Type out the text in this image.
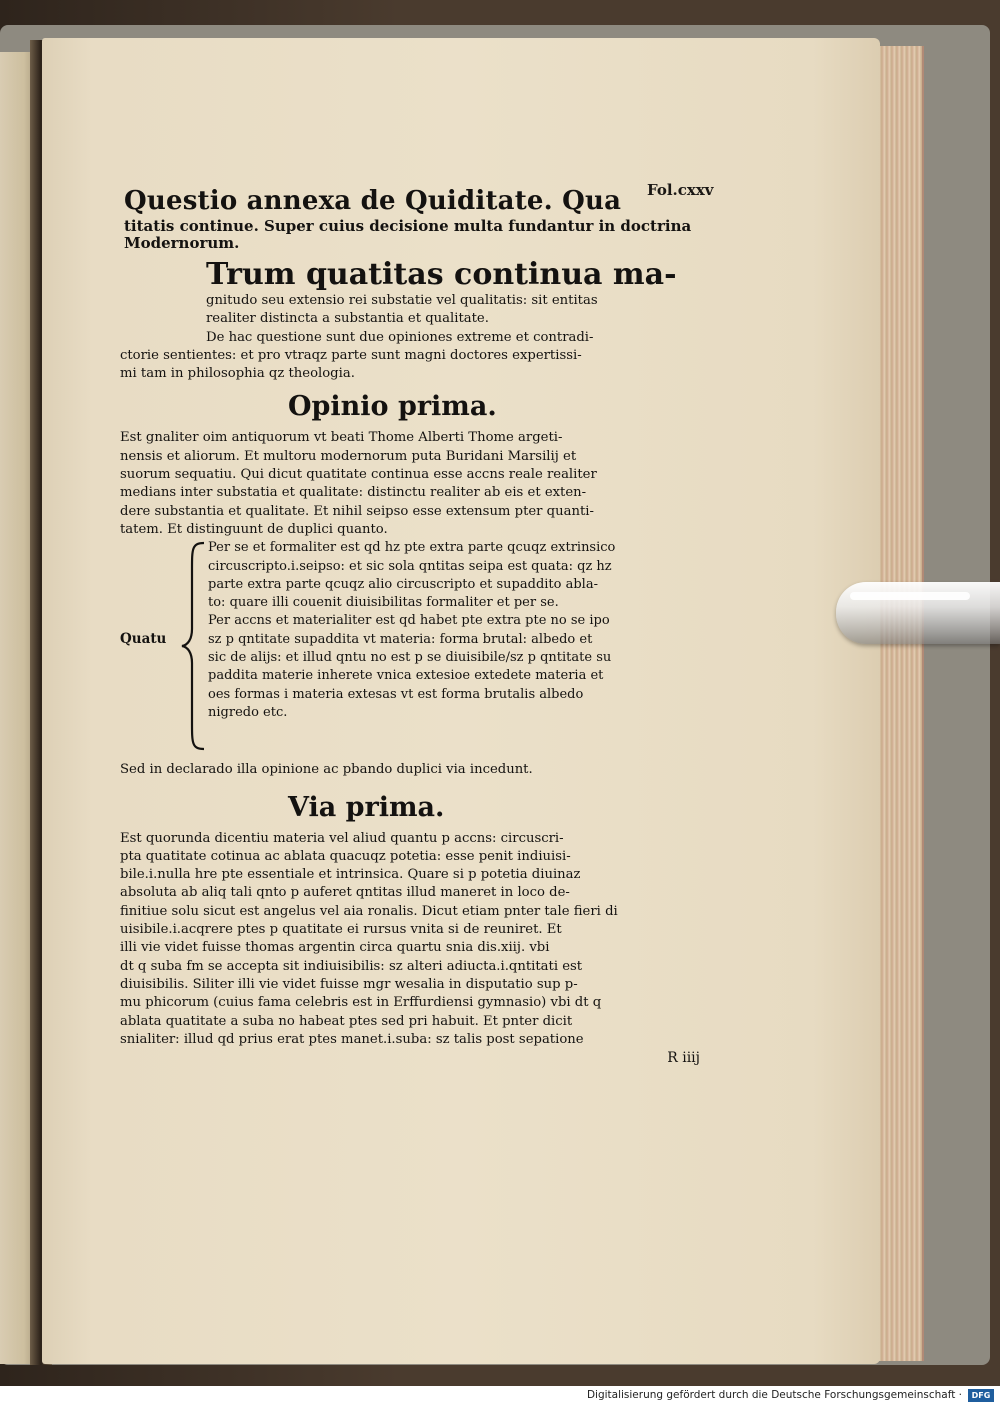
Fol.cxxv
Questio annexa de Quiditate. Qua
titatis continue. Super cuius decisione multa fundantur in doctrina
Modernorum.
Trum quatitas continua ma-

gnitudo seu extensio rei substatie vel qualitatis: sit entitas
realiter distincta a substantia et qualitate.

De hac questione sunt due opiniones extreme et contradi-

ctorie sentientes: et pro vtraqz parte sunt magni doctores expertissi-
mi tam in philosophia qz theologia.

Opinio prima.

Est gnaliter oim antiquorum vt beati Thome Alberti Thome argeti-
nensis et aliorum. Et multoru modernorum puta Buridani Marsilij et
suorum sequatiu. Qui dicut quatitate continua esse accns reale realiter
medians inter substatia et qualitate: distinctu realiter ab eis et exten-
dere substantia et qualitate. Et nihil seipso esse extensum pter quanti-
tatem. Et distinguunt de duplici quanto.

Quatu
Per se et formaliter est qd hz pte extra parte qcuqz extrinsico
circuscripto.i.seipso: et sic sola qntitas seipa est quata: qz hz
parte extra parte qcuqz alio circuscripto et supaddito abla-
to: quare illi couenit diuisibilitas formaliter et per se.
Per accns et materialiter est qd habet pte extra pte no se ipo
sz p qntitate supaddita vt materia: forma brutal: albedo et
sic de alijs: et illud qntu no est p se diuisibile/sz p qntitate su
paddita materie inherete vnica extesioe extedete materia et
oes formas i materia extesas vt est forma brutalis albedo
nigredo etc.

Sed in declarado illa opinione ac pbando duplici via incedunt.

Via prima.

Est quorunda dicentiu materia vel aliud quantu p accns: circuscri-
pta quatitate cotinua ac ablata quacuqz potetia: esse penit indiuisi-
bile.i.nulla hre pte essentiale et intrinsica. Quare si p potetia diuinaz
absoluta ab aliq tali qnto p auferet qntitas illud maneret in loco de-
finitiue solu sicut est angelus vel aia ronalis. Dicut etiam pnter tale fieri di
uisibile.i.acqrere ptes p quatitate ei rursus vnita si de reuniret. Et
illi vie videt fuisse thomas argentin circa quartu snia dis.xiij. vbi
dt q suba fm se accepta sit indiuisibilis: sz alteri adiucta.i.qntitati est
diuisibilis. Siliter illi vie videt fuisse mgr wesalia in disputatio sup p-
mu phicorum (cuius fama celebris est in Erffurdiensi gymnasio) vbi dt q
ablata quatitate a suba no habeat ptes sed pri habuit. Et pnter dicit
snialiter: illud qd prius erat ptes manet.i.suba: sz talis post sepatione

R iiij
Digitalisierung gefördert durch die Deutsche Forschungsgemeinschaft ·	DFG
